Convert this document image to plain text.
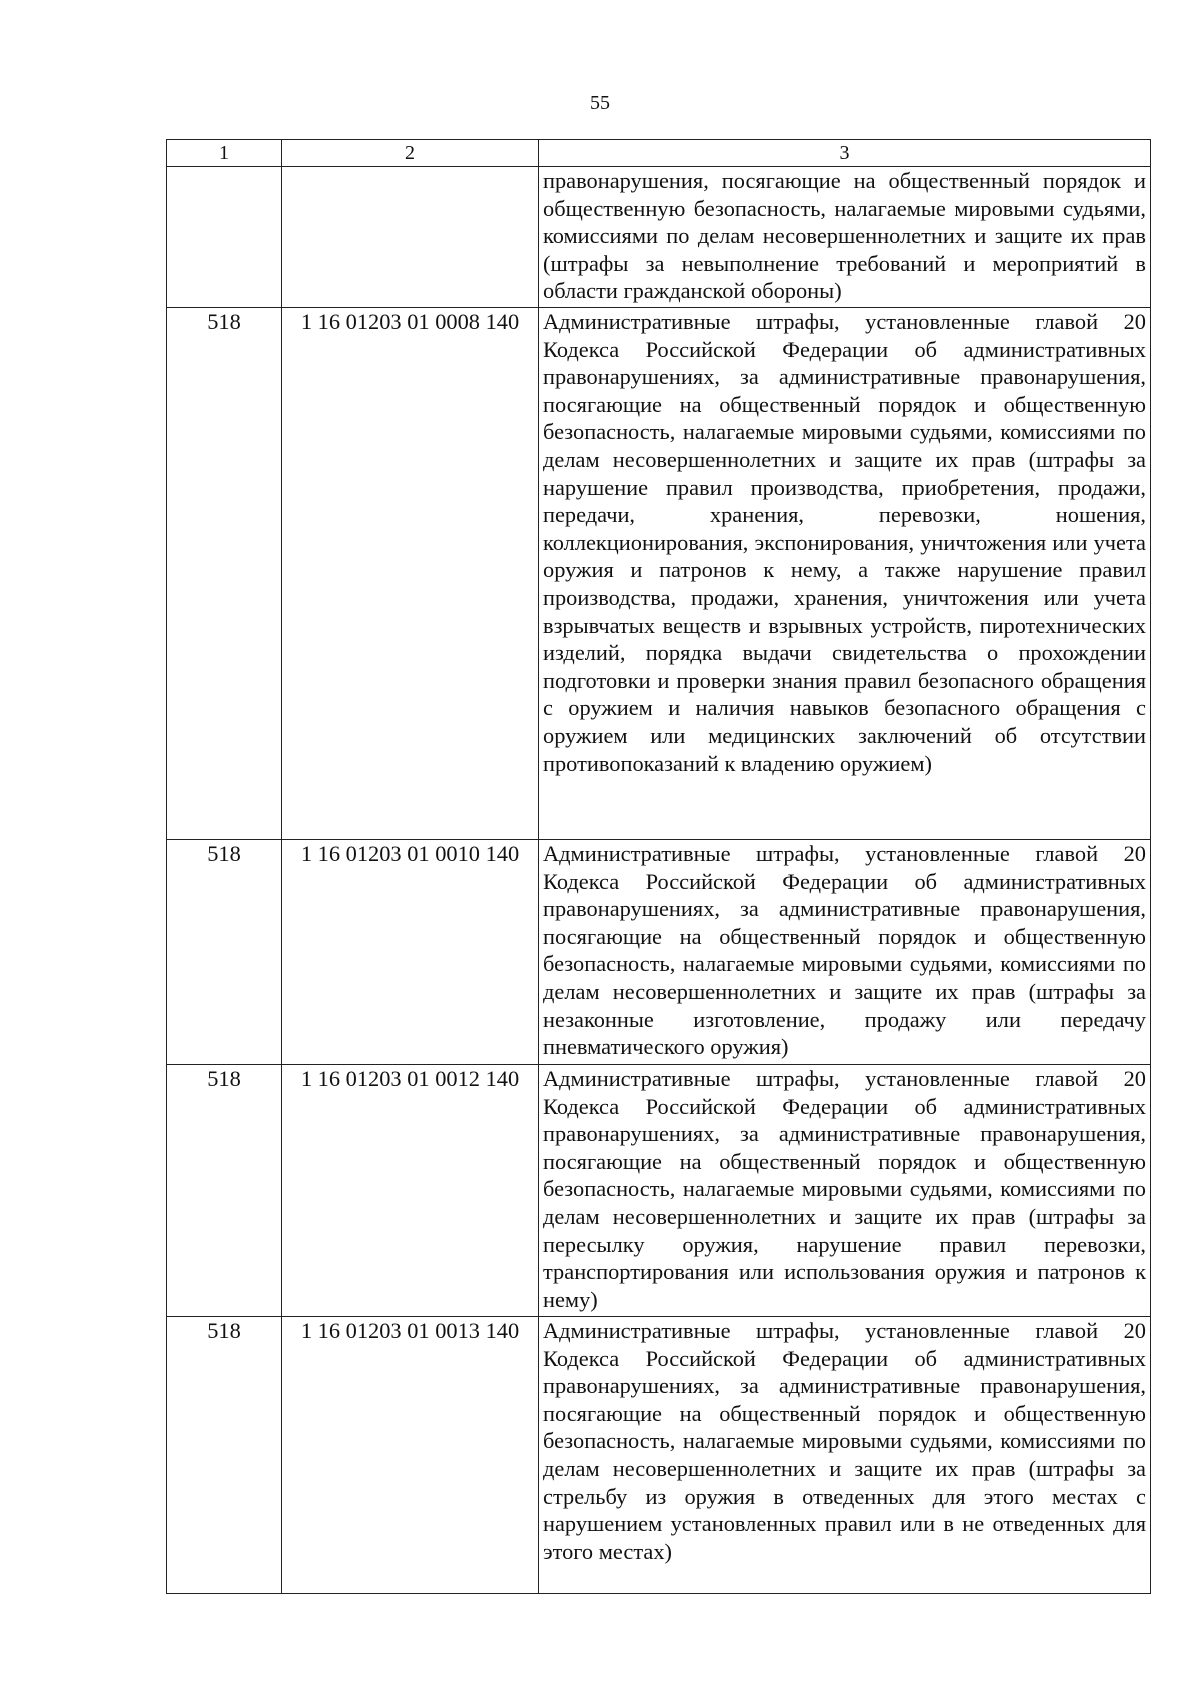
55
1	2	3
		правонарушения, посягающие на общественный порядок и общественную безопасность, налагаемые мировыми судьями, комиссиями по делам несовершеннолетних и защите их прав (штрафы за невыполнение требований и мероприятий в области гражданской обороны)
518	1 16 01203 01 0008 140	Административные штрафы, установленные главой 20 Кодекса Российской Федерации об административных правонарушениях, за административные правонарушения, посягающие на общественный порядок и общественную безопасность, налагаемые мировыми судьями, комиссиями по делам несовершеннолетних и защите их прав (штрафы за нарушение правил производства, приобретения, продажи, передачи, хранения, перевозки, ношения, коллекционирования, экспонирования, уничтожения или учета оружия и патронов к нему, а также нарушение правил производства, продажи, хранения, уничтожения или учета взрывчатых веществ и взрывных устройств, пиротехнических изделий, порядка выдачи свидетельства о прохождении подготовки и проверки знания правил безопасного обращения с оружием и наличия навыков безопасного обращения с оружием или медицинских заключений об отсутствии противопоказаний к владению оружием)
518	1 16 01203 01 0010 140	Административные штрафы, установленные главой 20 Кодекса Российской Федерации об административных правонарушениях, за административные правонарушения, посягающие на общественный порядок и общественную безопасность, налагаемые мировыми судьями, комиссиями по делам несовершеннолетних и защите их прав (штрафы за незаконные изготовление, продажу или передачу пневматического оружия)
518	1 16 01203 01 0012 140	Административные штрафы, установленные главой 20 Кодекса Российской Федерации об административных правонарушениях, за административные правонарушения, посягающие на общественный порядок и общественную безопасность, налагаемые мировыми судьями, комиссиями по делам несовершеннолетних и защите их прав (штрафы за пересылку оружия, нарушение правил перевозки, транспортирования или использования оружия и патронов к нему)
518	1 16 01203 01 0013 140	Административные штрафы, установленные главой 20 Кодекса Российской Федерации об административных правонарушениях, за административные правонарушения, посягающие на общественный порядок и общественную безопасность, налагаемые мировыми судьями, комиссиями по делам несовершеннолетних и защите их прав (штрафы за стрельбу из оружия в отведенных для этого местах с нарушением установленных правил или в не отведенных для этого местах)
